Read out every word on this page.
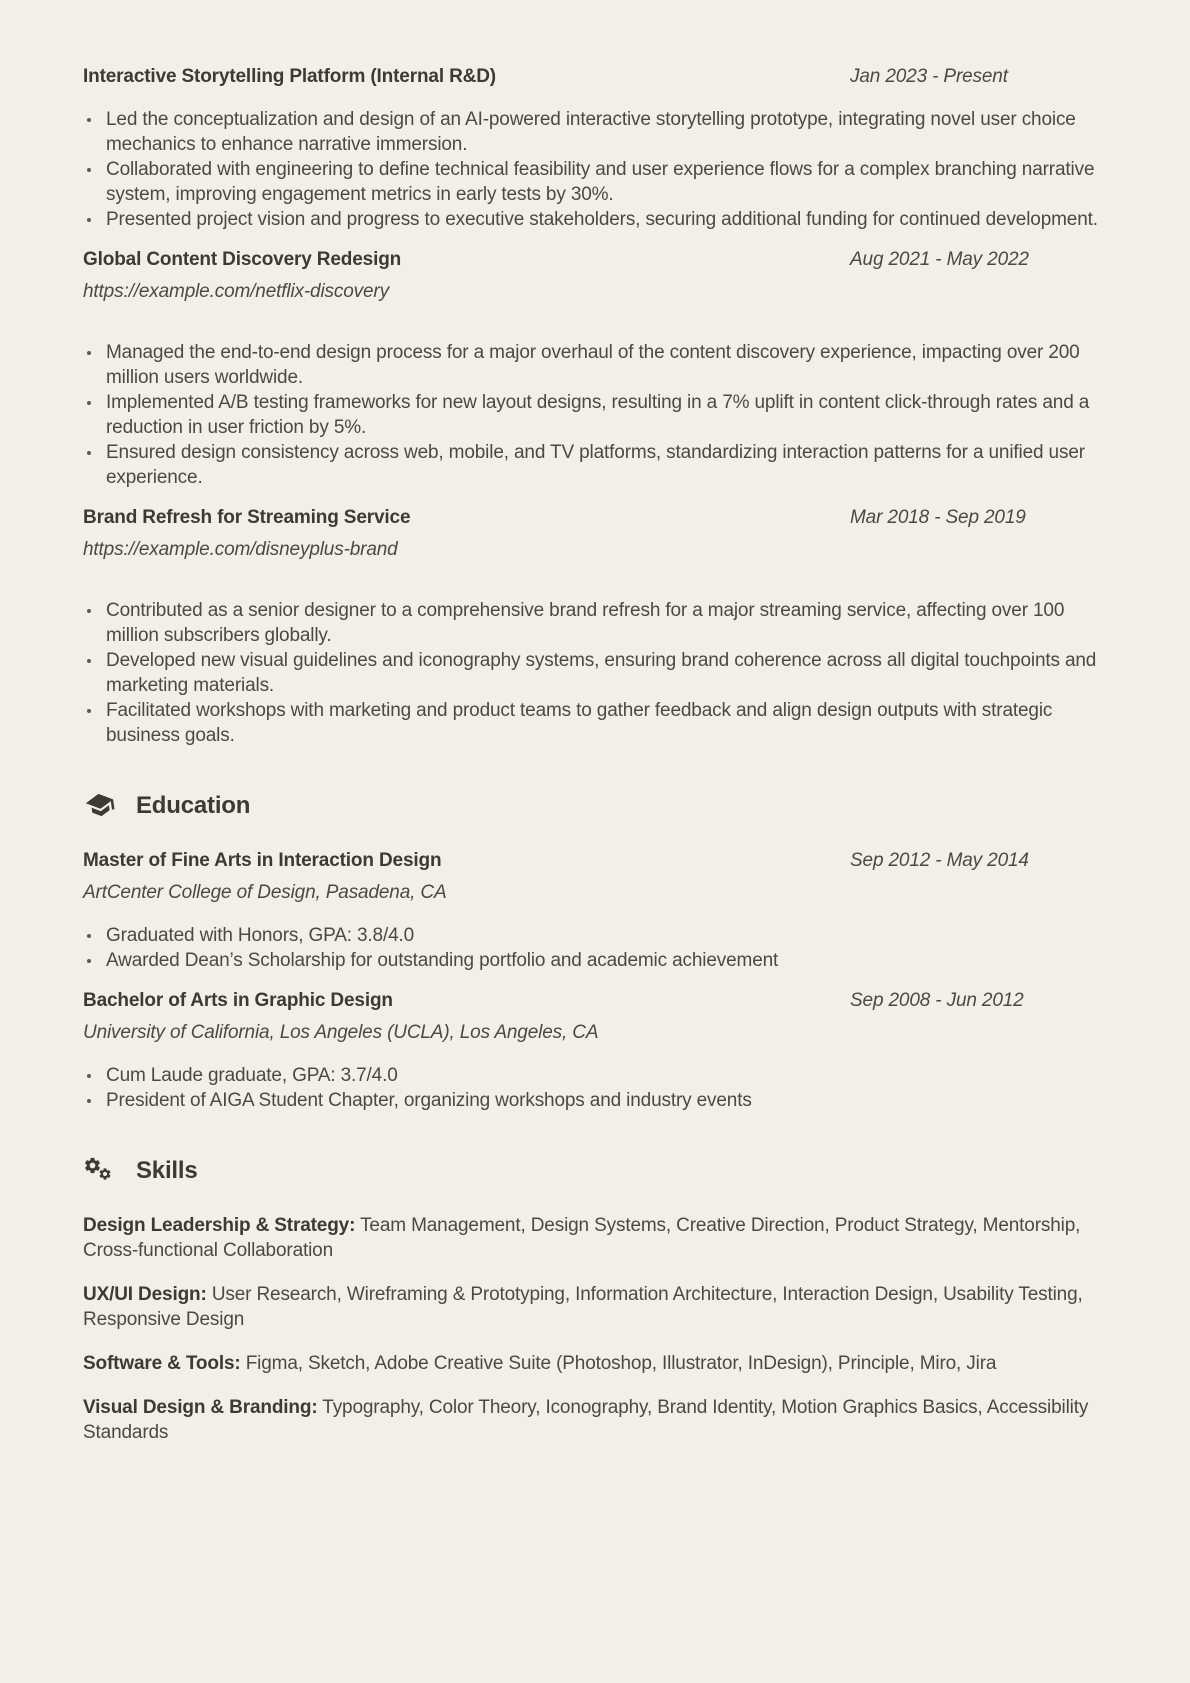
Interactive Storytelling Platform (Internal R&D)	Jan 2023 - Present
Led the conceptualization and design of an AI-powered interactive storytelling prototype, integrating novel user choice mechanics to enhance narrative immersion.
Collaborated with engineering to define technical feasibility and user experience flows for a complex branching narrative system, improving engagement metrics in early tests by 30%.
Presented project vision and progress to executive stakeholders, securing additional funding for continued development.
Global Content Discovery Redesign	Aug 2021 - May 2022
https://example.com/netflix-discovery
Managed the end-to-end design process for a major overhaul of the content discovery experience, impacting over 200 million users worldwide.
Implemented A/B testing frameworks for new layout designs, resulting in a 7% uplift in content click-through rates and a reduction in user friction by 5%.
Ensured design consistency across web, mobile, and TV platforms, standardizing interaction patterns for a unified user experience.
Brand Refresh for Streaming Service	Mar 2018 - Sep 2019
https://example.com/disneyplus-brand
Contributed as a senior designer to a comprehensive brand refresh for a major streaming service, affecting over 100 million subscribers globally.
Developed new visual guidelines and iconography systems, ensuring brand coherence across all digital touchpoints and marketing materials.
Facilitated workshops with marketing and product teams to gather feedback and align design outputs with strategic business goals.
Education
Master of Fine Arts in Interaction Design	Sep 2012 - May 2014
ArtCenter College of Design, Pasadena, CA
Graduated with Honors, GPA: 3.8/4.0
Awarded Dean’s Scholarship for outstanding portfolio and academic achievement
Bachelor of Arts in Graphic Design	Sep 2008 - Jun 2012
University of California, Los Angeles (UCLA), Los Angeles, CA
Cum Laude graduate, GPA: 3.7/4.0
President of AIGA Student Chapter, organizing workshops and industry events
Skills

Design Leadership & Strategy: Team Management, Design Systems, Creative Direction, Product Strategy, Mentorship, Cross-functional Collaboration

UX/UI Design: User Research, Wireframing & Prototyping, Information Architecture, Interaction Design, Usability Testing, Responsive Design

Software & Tools: Figma, Sketch, Adobe Creative Suite (Photoshop, Illustrator, InDesign), Principle, Miro, Jira

Visual Design & Branding: Typography, Color Theory, Iconography, Brand Identity, Motion Graphics Basics, Accessibility Standards
